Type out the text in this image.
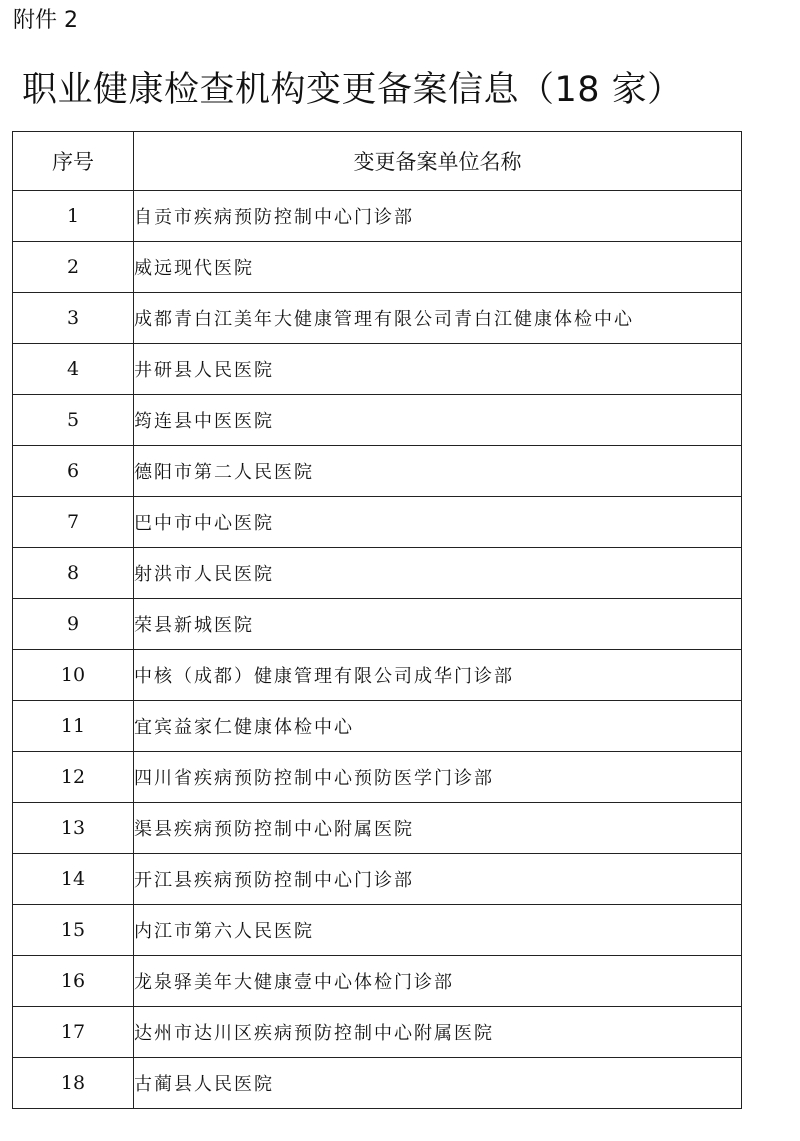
附件 2
职业健康检查机构变更备案信息（18 家）
序号	变更备案单位名称
1	自贡市疾病预防控制中心门诊部
2	威远现代医院
3	成都青白江美年大健康管理有限公司青白江健康体检中心
4	井研县人民医院
5	筠连县中医医院
6	德阳市第二人民医院
7	巴中市中心医院
8	射洪市人民医院
9	荣县新城医院
10	中核（成都）健康管理有限公司成华门诊部
11	宜宾益家仁健康体检中心
12	四川省疾病预防控制中心预防医学门诊部
13	渠县疾病预防控制中心附属医院
14	开江县疾病预防控制中心门诊部
15	内江市第六人民医院
16	龙泉驿美年大健康壹中心体检门诊部
17	达州市达川区疾病预防控制中心附属医院
18	古蔺县人民医院
